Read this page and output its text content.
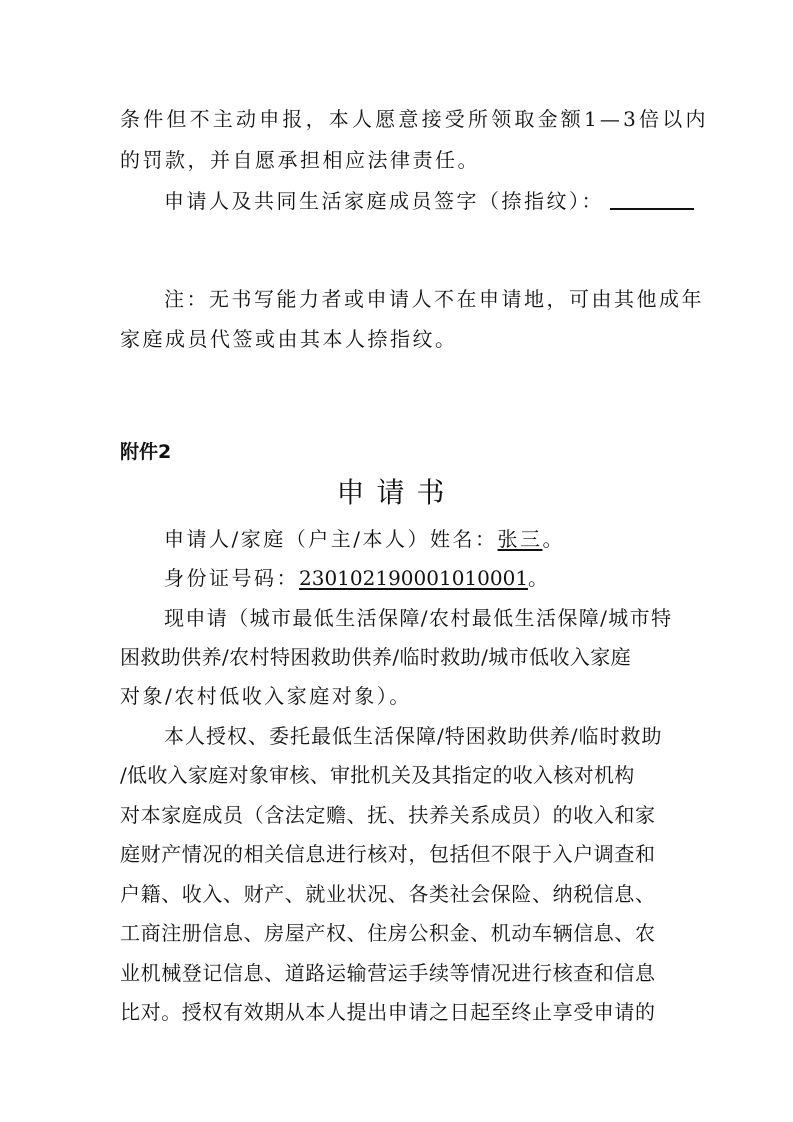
条件但不主动申报，本人愿意接受所领取金额1—3倍以内
的罚款，并自愿承担相应法律责任。
申请人及共同生活家庭成员签字（捺指纹）：
注：无书写能力者或申请人不在申请地，可由其他成年
家庭成员代签或由其本人捺指纹。
附件2
申请书
申请人/家庭（户主/本人）姓名：张三。
身份证号码：230102190001010001。
现申请（城市最低生活保障/农村最低生活保障/城市特
困救助供养/农村特困救助供养/临时救助/城市低收入家庭
对象/农村低收入家庭对象）。
本人授权、委托最低生活保障/特困救助供养/临时救助
/低收入家庭对象审核、审批机关及其指定的收入核对机构
对本家庭成员（含法定赡、抚、扶养关系成员）的收入和家
庭财产情况的相关信息进行核对，包括但不限于入户调查和
户籍、收入、财产、就业状况、各类社会保险、纳税信息、
工商注册信息、房屋产权、住房公积金、机动车辆信息、农
业机械登记信息、道路运输营运手续等情况进行核查和信息
比对。授权有效期从本人提出申请之日起至终止享受申请的
